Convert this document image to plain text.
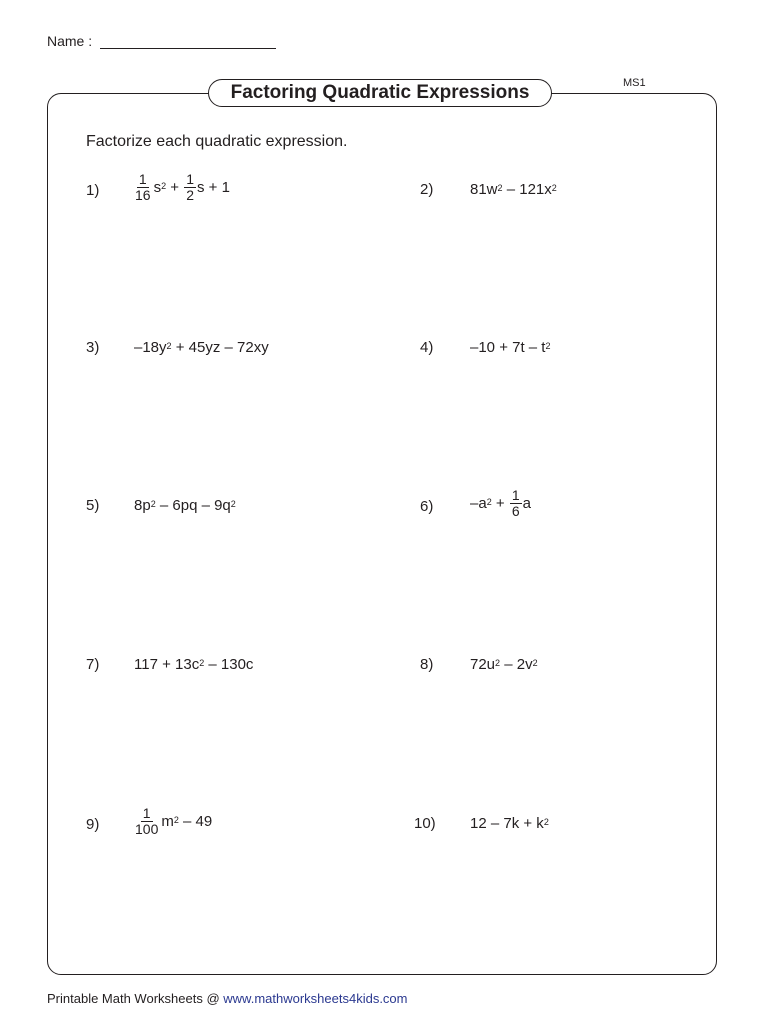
Name :
MS1
Factoring Quadratic Expressions
Factorize each quadratic expression.
1)	$\frac{1}{16} s^2 + \frac{1}{2}$ s + 1	2)	$81w^2 - 121x^2$
3)	$-18y^2 + 45yz - 72xy$	4)	$-10 + 7t - t^2$
5)	$8p^2 - 6pq - 9q^2$	6)	$-a^2 + \frac{1}{6}$ a
7)	$117 + 13c^2 - 130c$	8)	$72u^2 - 2v^2$
9)	$\frac{1}{100} m^2 - 49$	10)	$12 - 7k + k^2$
Printable Math Worksheets @ www.mathworksheets4kids.com
